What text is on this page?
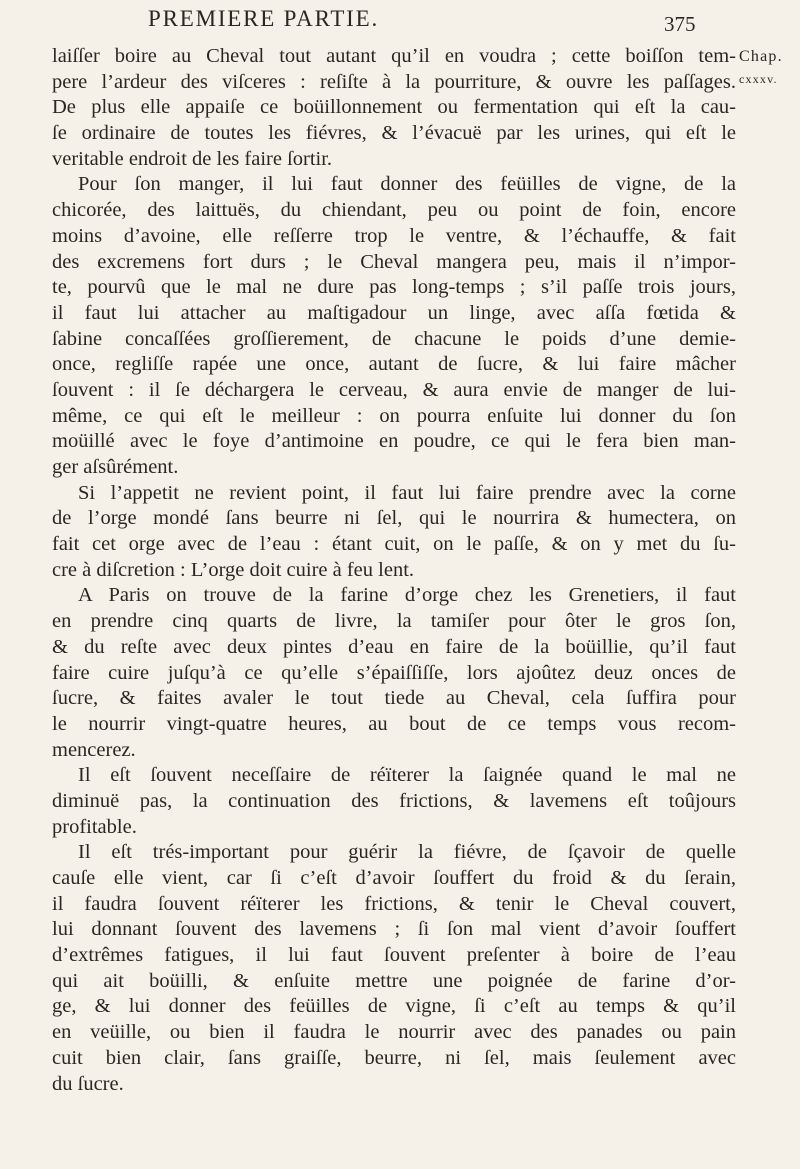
PREMIERE PARTIE.	375
Chap.
cxxxv.
laiſſer boire au Cheval tout autant qu’il en voudra ; cette boiſſon tem-
pere l’ardeur des viſceres : reſiſte à la pourriture, & ouvre les paſſages.
De plus elle appaiſe ce boüillonnement ou fermentation qui eſt la cau-
ſe ordinaire de toutes les fiévres, & l’évacuë par les urines, qui eſt le
veritable endroit de les faire ſortir.
Pour ſon manger, il lui faut donner des feüilles de vigne, de la
chicorée, des laittuës, du chiendant, peu ou point de foin, encore
moins d’avoine, elle reſſerre trop le ventre, & l’échauffe, & fait
des excremens fort durs ; le Cheval mangera peu, mais il n’impor-
te, pourvû que le mal ne dure pas long-temps ; s’il paſſe trois jours,
il faut lui attacher au maſtigadour un linge, avec aſſa fœtida &
ſabine concaſſées groſſierement, de chacune le poids d’une demie-
once, regliſſe rapée une once, autant de ſucre, & lui faire mâcher
ſouvent : il ſe déchargera le cerveau, & aura envie de manger de lui-
même, ce qui eſt le meilleur : on pourra enſuite lui donner du ſon
moüillé avec le foye d’antimoine en poudre, ce qui le fera bien man-
ger aſsûrément.
Si l’appetit ne revient point, il faut lui faire prendre avec la corne
de l’orge mondé ſans beurre ni ſel, qui le nourrira & humectera, on
fait cet orge avec de l’eau : étant cuit, on le paſſe, & on y met du ſu-
cre à diſcretion : L’orge doit cuire à feu lent.
A Paris on trouve de la farine d’orge chez les Grenetiers, il faut
en prendre cinq quarts de livre, la tamiſer pour ôter le gros ſon,
& du reſte avec deux pintes d’eau en faire de la boüillie, qu’il faut
faire cuire juſqu’à ce qu’elle s’épaiſſiſſe, lors ajoûtez deuz onces de
ſucre, & faites avaler le tout tiede au Cheval, cela ſuffira pour
le nourrir vingt-quatre heures, au bout de ce temps vous recom-
mencerez.
Il eſt ſouvent neceſſaire de réïterer la ſaignée quand le mal ne
diminuë pas, la continuation des frictions, & lavemens eſt toûjours
profitable.
Il eſt trés-important pour guérir la fiévre, de ſçavoir de quelle
cauſe elle vient, car ſi c’eſt d’avoir ſouffert du froid & du ſerain,
il faudra ſouvent réïterer les frictions, & tenir le Cheval couvert,
lui donnant ſouvent des lavemens ; ſi ſon mal vient d’avoir ſouffert
d’extrêmes fatigues, il lui faut ſouvent preſenter à boire de l’eau
qui ait boüilli, & enſuite mettre une poignée de farine d’or-
ge, & lui donner des feüilles de vigne, ſi c’eſt au temps & qu’il
en veüille, ou bien il faudra le nourrir avec des panades ou pain
cuit bien clair, ſans graiſſe, beurre, ni ſel, mais ſeulement avec
du ſucre.
